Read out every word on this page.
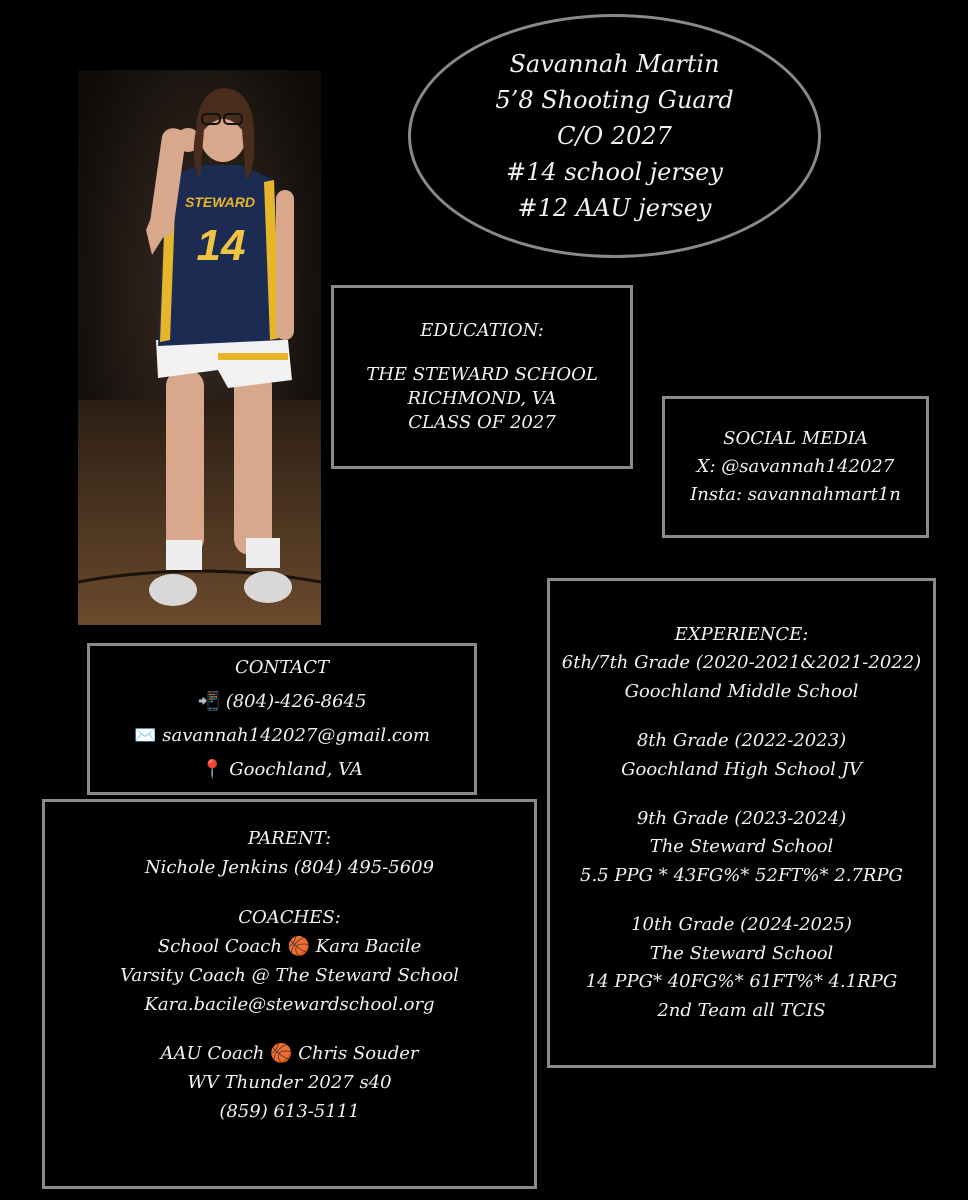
STEWARD
14
Savannah Martin
5’8 Shooting Guard
C/O 2027
#14 school jersey
#12 AAU jersey
EDUCATION:
THE STEWARD SCHOOL
RICHMOND, VA
CLASS OF 2027
SOCIAL MEDIA
X: @savannah142027
Insta: savannahmart1n
CONTACT
📲 (804)-426-8645
✉️ savannah142027@gmail.com
📍 Goochland, VA
PARENT:
Nichole Jenkins (804) 495-5609
COACHES:
School Coach 🏀 Kara Bacile
Varsity Coach @ The Steward School
Kara.bacile@stewardschool.org
AAU Coach 🏀 Chris Souder
WV Thunder 2027 s40
(859) 613-5111
EXPERIENCE:
6th/7th Grade (2020-2021&2021-2022)
Goochland Middle School
8th Grade (2022-2023)
Goochland High School JV
9th Grade (2023-2024)
The Steward School
5.5 PPG * 43FG%* 52FT%* 2.7RPG
10th Grade (2024-2025)
The Steward School
14 PPG* 40FG%* 61FT%* 4.1RPG
2nd Team all TCIS
